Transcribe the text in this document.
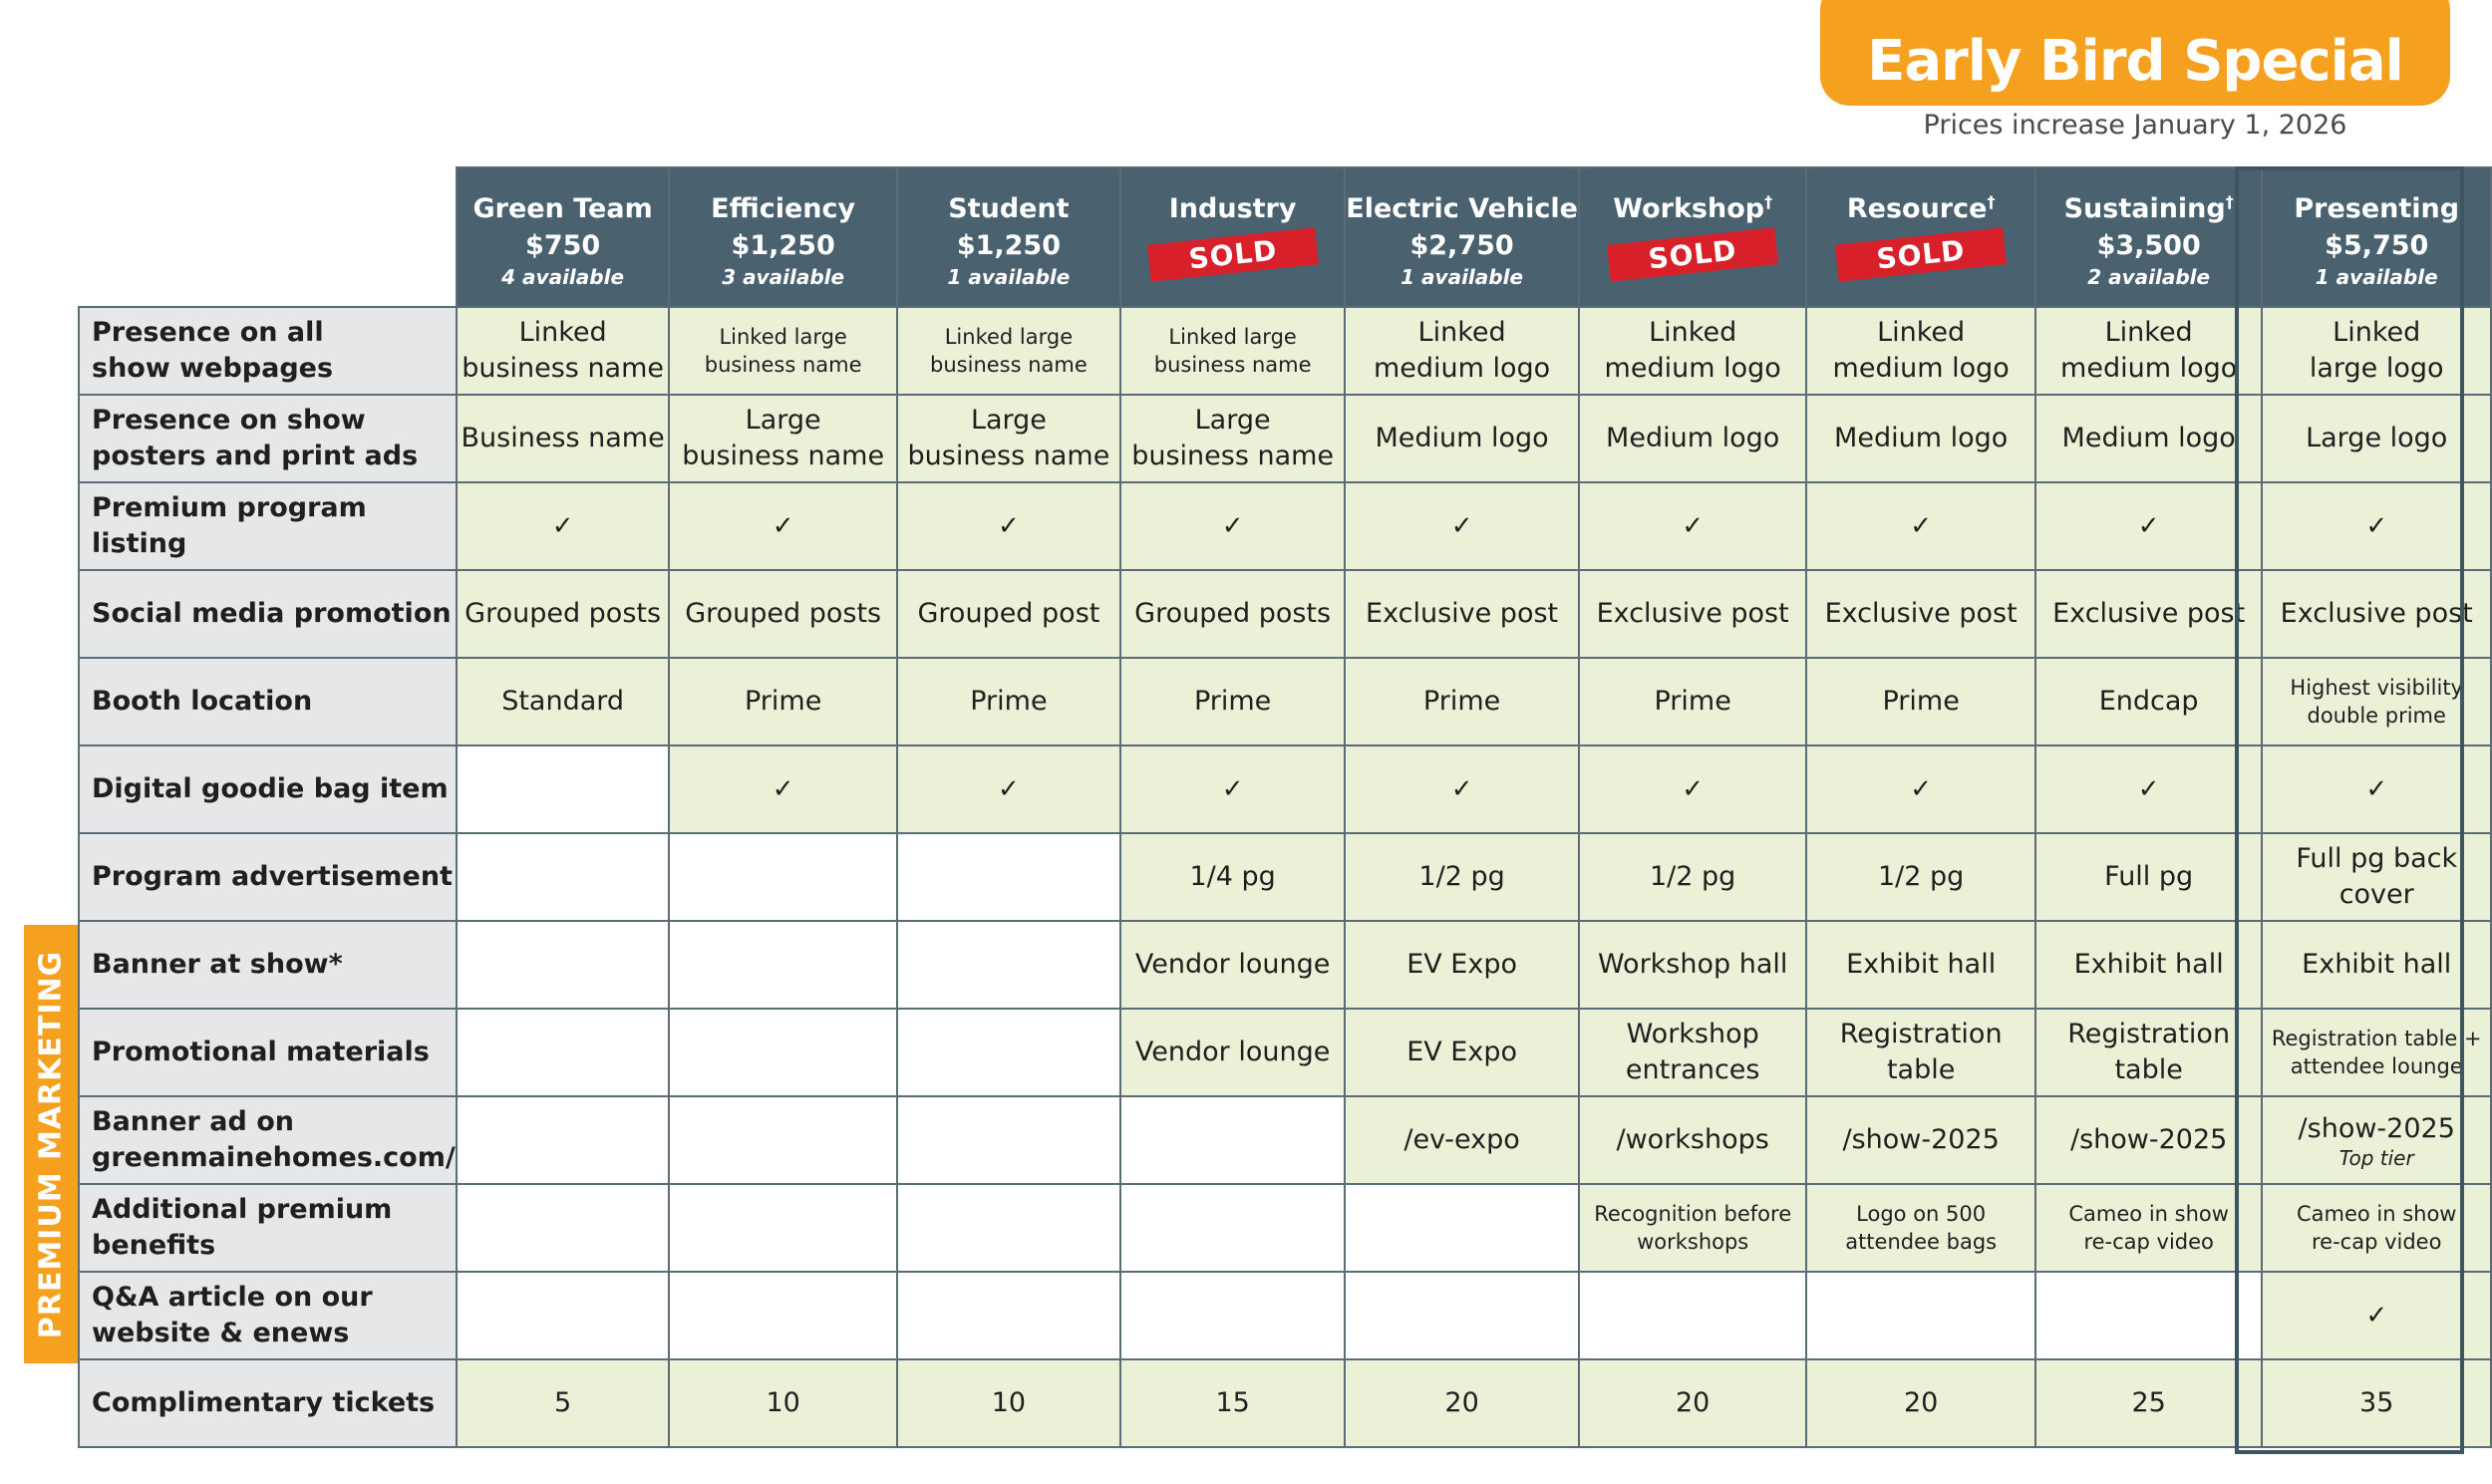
Early Bird Special
Prices increase January 1, 2026

	Green Team
$750
4 available	Efficiency
$1,250
3 available	Student
$1,250
1 available	Industry
SOLD	Electric Vehicle
$2,750
1 available	Workshop†
SOLD	Resource†
SOLD	Sustaining†
$3,500
2 available	Presenting
$5,750
1 available

Presence on all
show webpages	Linked
business name	Linked large
business name	Linked large
business name	Linked large
business name	Linked
medium logo	Linked
medium logo	Linked
medium logo	Linked
medium logo	Linked
large logo

Presence on show
posters and print ads	Business name	Large
business name	Large
business name	Large
business name	Medium logo	Medium logo	Medium logo	Medium logo	Large logo

Premium program
listing	✓	✓	✓	✓	✓	✓	✓	✓	✓

Social media promotion	Grouped posts	Grouped posts	Grouped post	Grouped posts	Exclusive post	Exclusive post	Exclusive post	Exclusive post	Exclusive post

Booth location	Standard	Prime	Prime	Prime	Prime	Prime	Prime	Endcap	Highest visibility
double prime

Digital goodie bag item		✓	✓	✓	✓	✓	✓	✓	✓

Program advertisement				1/4 pg	1/2 pg	1/2 pg	1/2 pg	Full pg	Full pg back
cover

Banner at show*				Vendor lounge	EV Expo	Workshop hall	Exhibit hall	Exhibit hall	Exhibit hall

Promotional materials				Vendor lounge	EV Expo	Workshop
entrances	Registration
table	Registration
table	Registration table +
attendee lounge

Banner ad on
greenmainehomes.com/					/ev-expo	/workshops	/show-2025	/show-2025	/show-2025
Top tier

Additional premium
benefits						Recognition before
workshops	Logo on 500
attendee bags	Cameo in show
re-cap video	Cameo in show
re-cap video

Q&A article on our
website & enews									✓

Complimentary tickets	5	10	10	15	20	20	20	25	35
PREMIUM MARKETING
